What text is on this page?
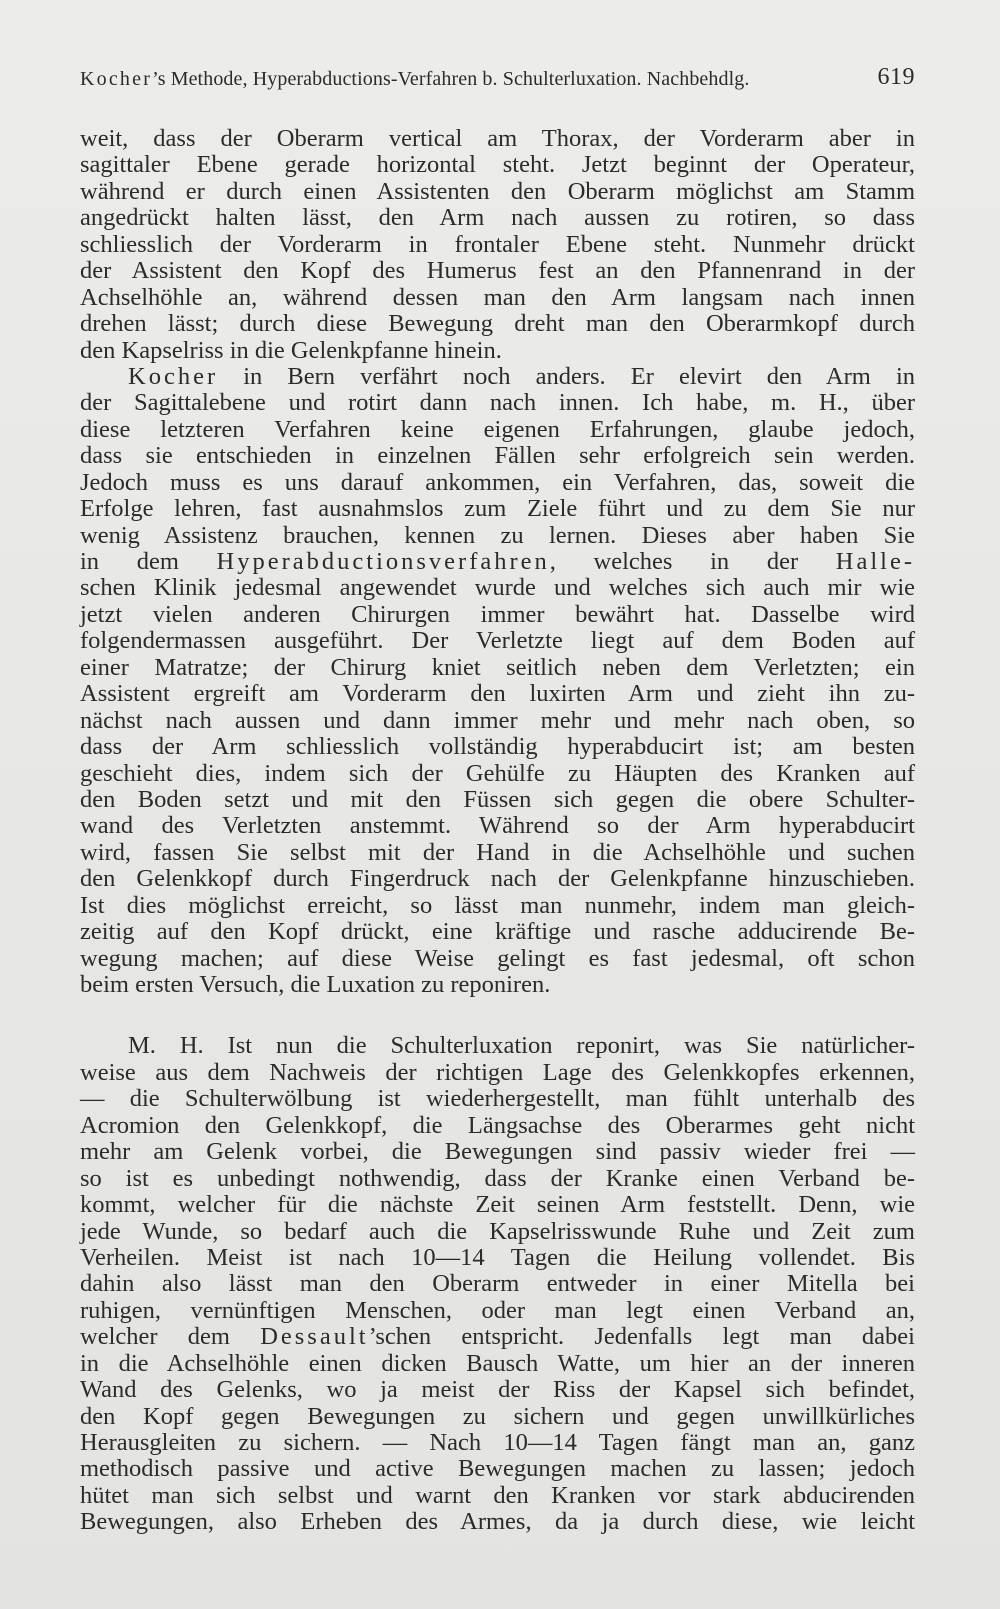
Kocher’s Methode, Hyperabductions-Verfahren b. Schulterluxation. Nachbehdlg.	619
weit, dass der Oberarm vertical am Thorax, der Vorderarm aber in
sagittaler Ebene gerade horizontal steht. Jetzt beginnt der Operateur,
während er durch einen Assistenten den Oberarm möglichst am Stamm
angedrückt halten lässt, den Arm nach aussen zu rotiren, so dass
schliesslich der Vorderarm in frontaler Ebene steht. Nunmehr drückt
der Assistent den Kopf des Humerus fest an den Pfannenrand in der
Achselhöhle an, während dessen man den Arm langsam nach innen
drehen lässt; durch diese Bewegung dreht man den Oberarmkopf durch
den Kapselriss in die Gelenkpfanne hinein.
Kocher in Bern verfährt noch anders. Er elevirt den Arm in
der Sagittalebene und rotirt dann nach innen. Ich habe, m. H., über
diese letzteren Verfahren keine eigenen Erfahrungen, glaube jedoch,
dass sie entschieden in einzelnen Fällen sehr erfolgreich sein werden.
Jedoch muss es uns darauf ankommen, ein Verfahren, das, soweit die
Erfolge lehren, fast ausnahmslos zum Ziele führt und zu dem Sie nur
wenig Assistenz brauchen, kennen zu lernen. Dieses aber haben Sie
in dem Hyperabductionsverfahren, welches in der Halle-
schen Klinik jedesmal angewendet wurde und welches sich auch mir wie
jetzt vielen anderen Chirurgen immer bewährt hat. Dasselbe wird
folgendermassen ausgeführt. Der Verletzte liegt auf dem Boden auf
einer Matratze; der Chirurg kniet seitlich neben dem Verletzten; ein
Assistent ergreift am Vorderarm den luxirten Arm und zieht ihn zu-
nächst nach aussen und dann immer mehr und mehr nach oben, so
dass der Arm schliesslich vollständig hyperabducirt ist; am besten
geschieht dies, indem sich der Gehülfe zu Häupten des Kranken auf
den Boden setzt und mit den Füssen sich gegen die obere Schulter-
wand des Verletzten anstemmt. Während so der Arm hyperabducirt
wird, fassen Sie selbst mit der Hand in die Achselhöhle und suchen
den Gelenkkopf durch Fingerdruck nach der Gelenkpfanne hinzuschieben.
Ist dies möglichst erreicht, so lässt man nunmehr, indem man gleich-
zeitig auf den Kopf drückt, eine kräftige und rasche adducirende Be-
wegung machen; auf diese Weise gelingt es fast jedesmal, oft schon
beim ersten Versuch, die Luxation zu reponiren.
M. H. Ist nun die Schulterluxation reponirt, was Sie natürlicher-
weise aus dem Nachweis der richtigen Lage des Gelenkkopfes erkennen,
— die Schulterwölbung ist wiederhergestellt, man fühlt unterhalb des
Acromion den Gelenkkopf, die Längsachse des Oberarmes geht nicht
mehr am Gelenk vorbei, die Bewegungen sind passiv wieder frei —
so ist es unbedingt nothwendig, dass der Kranke einen Verband be-
kommt, welcher für die nächste Zeit seinen Arm feststellt. Denn, wie
jede Wunde, so bedarf auch die Kapselrisswunde Ruhe und Zeit zum
Verheilen. Meist ist nach 10—14 Tagen die Heilung vollendet. Bis
dahin also lässt man den Oberarm entweder in einer Mitella bei
ruhigen, vernünftigen Menschen, oder man legt einen Verband an,
welcher dem Dessault’schen entspricht. Jedenfalls legt man dabei
in die Achselhöhle einen dicken Bausch Watte, um hier an der inneren
Wand des Gelenks, wo ja meist der Riss der Kapsel sich befindet,
den Kopf gegen Bewegungen zu sichern und gegen unwillkürliches
Herausgleiten zu sichern. — Nach 10—14 Tagen fängt man an, ganz
methodisch passive und active Bewegungen machen zu lassen; jedoch
hütet man sich selbst und warnt den Kranken vor stark abducirenden
Bewegungen, also Erheben des Armes, da ja durch diese, wie leicht
